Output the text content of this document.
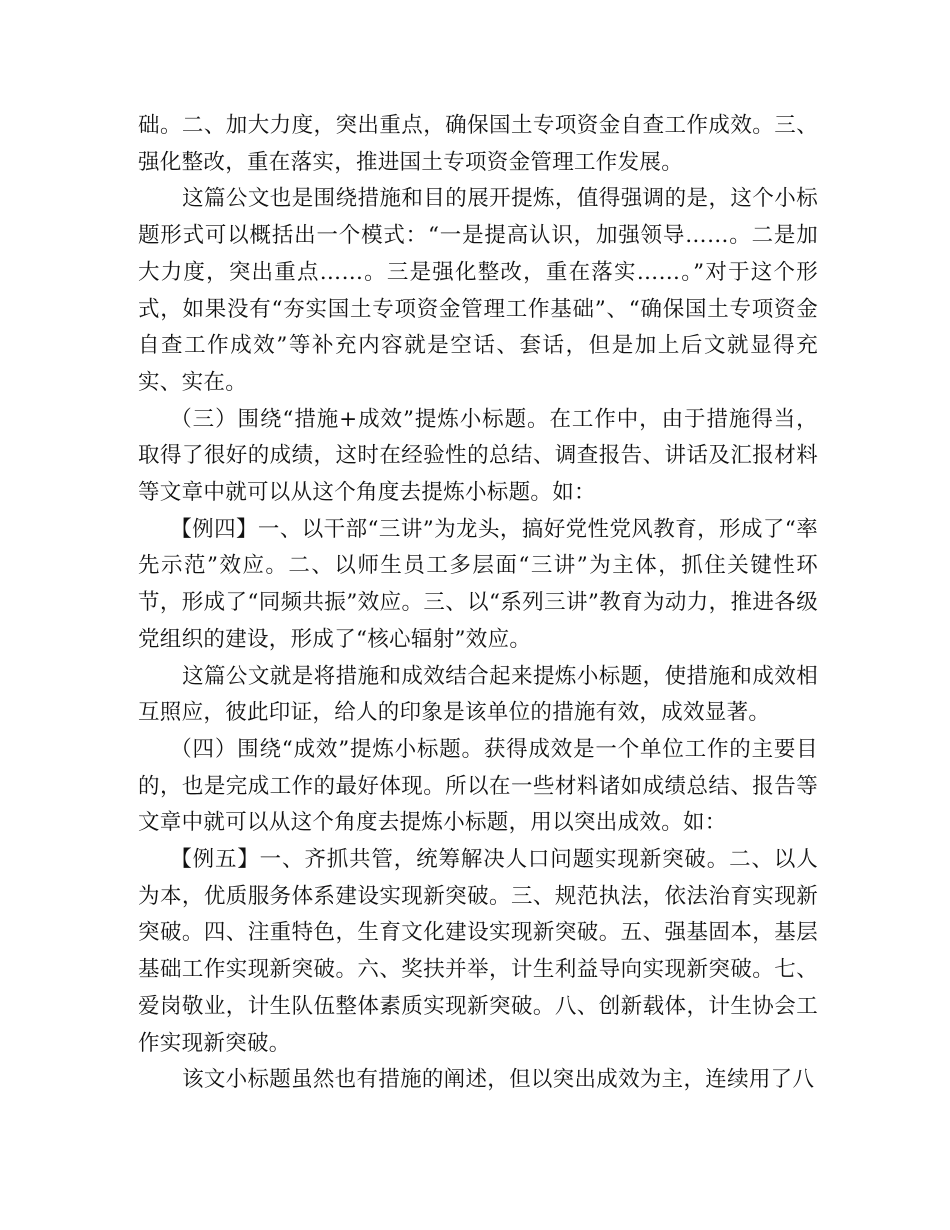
础。二、加大力度，突出重点，确保国土专项资金自查工作成效。三、强化整改，重在落实，推进国土专项资金管理工作发展。

这篇公文也是围绕措施和目的展开提炼，值得强调的是，这个小标题形式可以概括出一个模式：“一是提高认识，加强领导……。二是加大力度，突出重点……。三是强化整改，重在落实……。”对于这个形式，如果没有“夯实国土专项资金管理工作基础”、“确保国土专项资金自查工作成效”等补充内容就是空话、套话，但是加上后文就显得充实、实在。

（三）围绕“措施+成效”提炼小标题。在工作中，由于措施得当，取得了很好的成绩，这时在经验性的总结、调查报告、讲话及汇报材料等文章中就可以从这个角度去提炼小标题。如：

【例四】一、以干部“三讲”为龙头，搞好党性党风教育，形成了“率先示范”效应。二、以师生员工多层面“三讲”为主体，抓住关键性环节，形成了“同频共振”效应。三、以“系列三讲”教育为动力，推进各级党组织的建设，形成了“核心辐射”效应。

这篇公文就是将措施和成效结合起来提炼小标题，使措施和成效相互照应，彼此印证，给人的印象是该单位的措施有效，成效显著。

（四）围绕“成效”提炼小标题。获得成效是一个单位工作的主要目的，也是完成工作的最好体现。所以在一些材料诸如成绩总结、报告等文章中就可以从这个角度去提炼小标题，用以突出成效。如：

【例五】一、齐抓共管，统筹解决人口问题实现新突破。二、以人为本，优质服务体系建设实现新突破。三、规范执法，依法治育实现新突破。四、注重特色，生育文化建设实现新突破。五、强基固本，基层基础工作实现新突破。六、奖扶并举，计生利益导向实现新突破。七、爱岗敬业，计生队伍整体素质实现新突破。八、创新载体，计生协会工作实现新突破。

该文小标题虽然也有措施的阐述，但以突出成效为主，连续用了八
